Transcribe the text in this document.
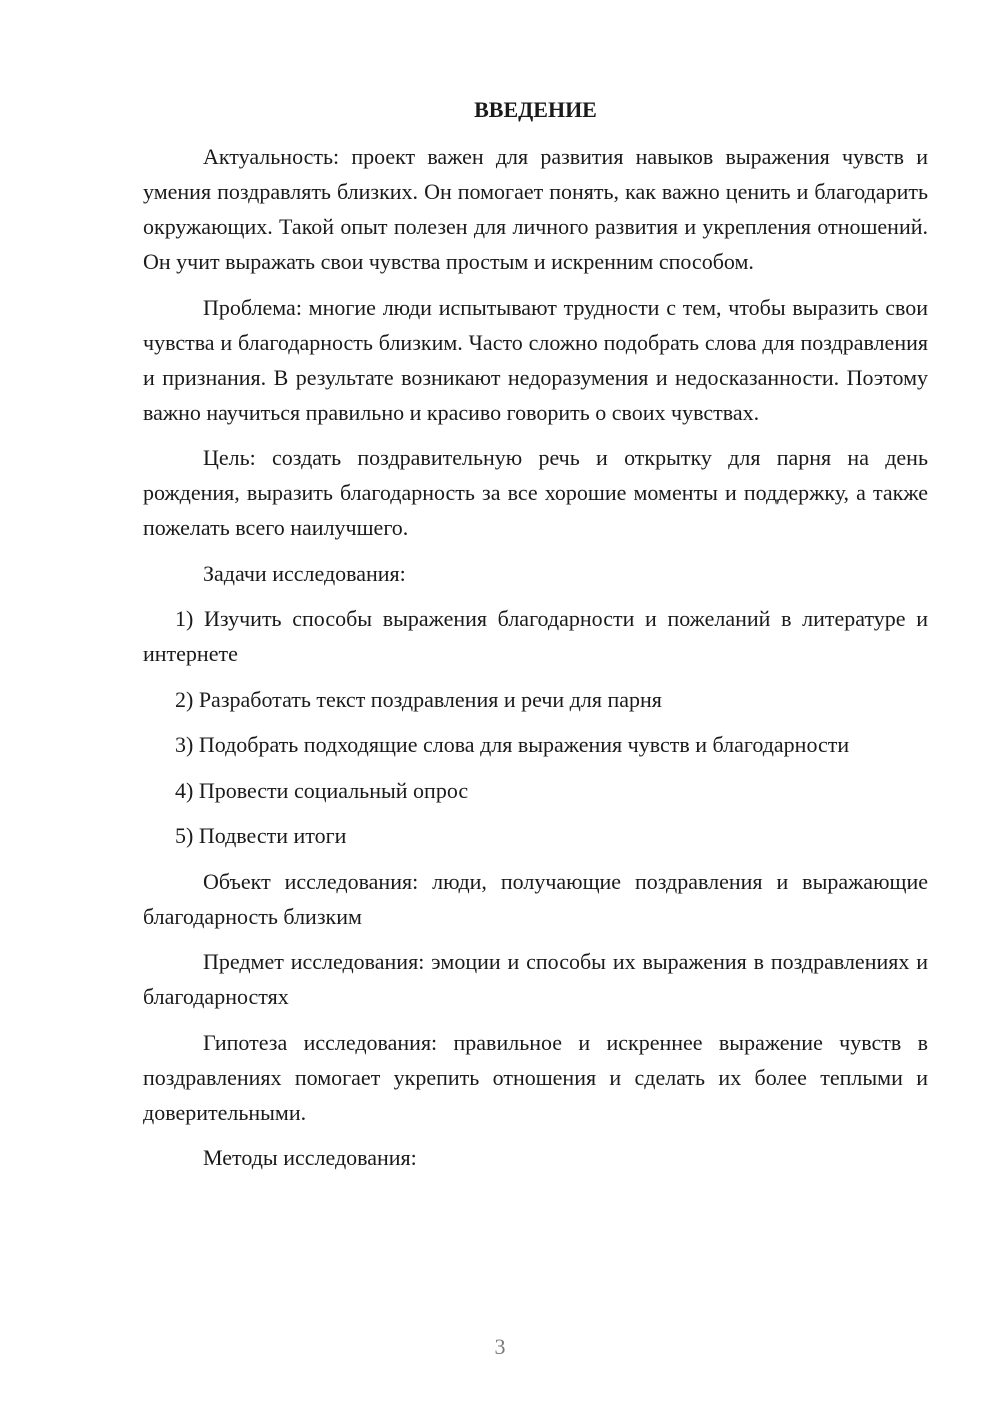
ВВЕДЕНИЕ

Актуальность: проект важен для развития навыков выражения чувств и умения поздравлять близких. Он помогает понять, как важно ценить и благодарить окружающих. Такой опыт полезен для личного развития и укрепления отношений. Он учит выражать свои чувства простым и искренним способом.

Проблема: многие люди испытывают трудности с тем, чтобы выразить свои чувства и благодарность близким. Часто сложно подобрать слова для поздравления и признания. В результате возникают недоразумения и недосказанности. Поэтому важно научиться правильно и красиво говорить о своих чувствах.

Цель: создать поздравительную речь и открытку для парня на день рождения, выразить благодарность за все хорошие моменты и поддержку, а также пожелать всего наилучшего.

Задачи исследования:

1) Изучить способы выражения благодарности и пожеланий в литературе и интернете

2) Разработать текст поздравления и речи для парня

3) Подобрать подходящие слова для выражения чувств и благодарности

4) Провести социальный опрос

5) Подвести итоги

Объект исследования: люди, получающие поздравления и выражающие благодарность близким

Предмет исследования: эмоции и способы их выражения в поздравлениях и благодарностях

Гипотеза исследования: правильное и искреннее выражение чувств в поздравлениях помогает укрепить отношения и сделать их более теплыми и доверительными.

Методы исследования:

3
